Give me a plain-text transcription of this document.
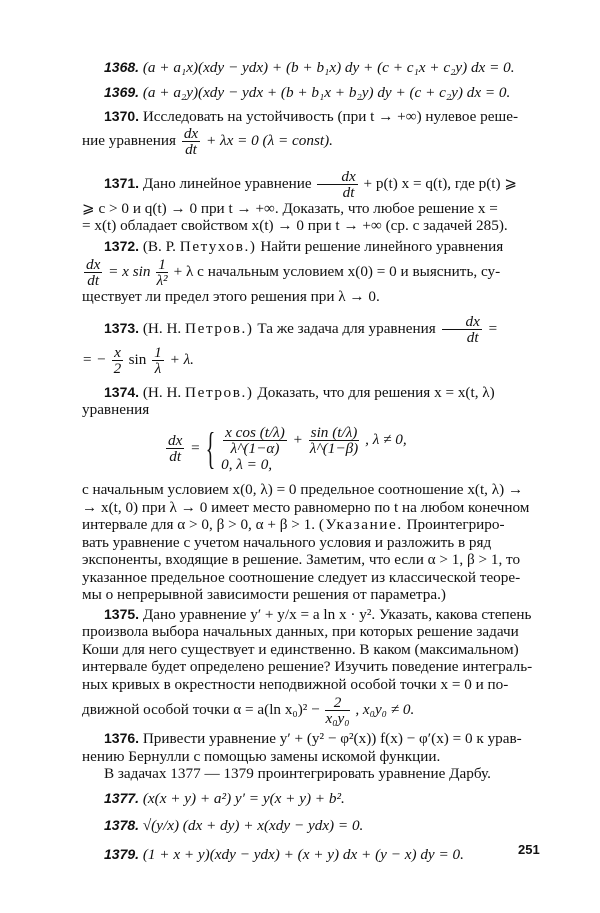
1368. (a + a₁x)(xdy − ydx) + (b + b₁x) dy + (c + c₁x + c₂y) dx = 0.
1369. (a + a₂y)(xdy − ydx + (b + b₁x + b₂y) dy + (c + c₂y) dx = 0.
1370. Исследовать на устойчивость (при t → +∞) нулевое реше-
ние уравнения $\frac{dx}{dt} + \lambda x = 0$ (λ = const).
1371. Дано линейное уравнение $\frac{dx}{dt} + p(t) x = q(t)$, где p(t) ⩾
⩾ c > 0 и q(t) → 0 при t → +∞. Доказать, что любое решение x =
= x(t) обладает свойством x(t) → 0 при t → +∞ (ср. с задачей 285).
1372. (В. Р. Петухов.) Найти решение линейного уравнения
$\frac{dx}{dt} = x$ $\sin \frac{1}{\text{λ²}} + \lambda$ с начальным условием x(0) = 0 и выяснить, су-
ществует ли предел этого решения при λ → 0.
1373. (Н. Н. Петров.) Та же задача для уравнения $\frac{dx}{dt}$ =
= − $\frac{x}{2}$ $\sin \frac{1}{\lambda} + \lambda$.
1374. (Н. Н. Петров.) Доказать, что для решения x = x(t, λ)
уравнения
$\frac{dx}{dt}$ = { $\frac{\text{x cos (t/λ)}}{\lambda\^{}(1-\alpha)} + \frac{\sin (t/\lambda)}{\lambda\^{}(1-\beta)}$ , λ ≠ 0,
0, λ = 0,
с начальным условием x(0, λ) = 0 предельное соотношение x(t, λ) →
→ x(t, 0) при λ → 0 имеет место равномерно по t на любом конечном
интервале для α > 0, β > 0, α + β > 1. (Указание. Проинтегриро-
вать уравнение с учетом начального условия и разложить в ряд
экспоненты, входящие в решение. Заметим, что если α > 1, β > 1, то
указанное предельное соотношение следует из классической теоре-
мы о непрерывной зависимости решения от параметра.)
1375. Дано уравнение y′ + y/x = a ln x · y². Указать, какова степень
произвола выбора начальных данных, при которых решение задачи
Коши для него существует и единственно. В каком (максимальном)
интервале будет определено решение? Изучить поведение интеграль-
ных кривых в окрестности неподвижной особой точки x = 0 и по-
движной особой точки α = a(ln $x_0)^2 - \frac{2}{\text{x₀y₀}}$ , x₀y₀ ≠ 0.
1376. Привести уравнение y′ + (y² − φ²(x)) f(x) − φ′(x) = 0 к урав-
нению Бернулли с помощью замены искомой функции.
В задачах 1377 — 1379 проинтегрировать уравнение Дарбу.
1377. (x(x + y) + a²) y′ = y(x + y) + b².
1378. √(y/x) (dx + dy) + x(xdy − ydx) = 0.
1379. (1 + x + y)(xdy − ydx) + (x + y) dx + (y − x) dy = 0.	251
